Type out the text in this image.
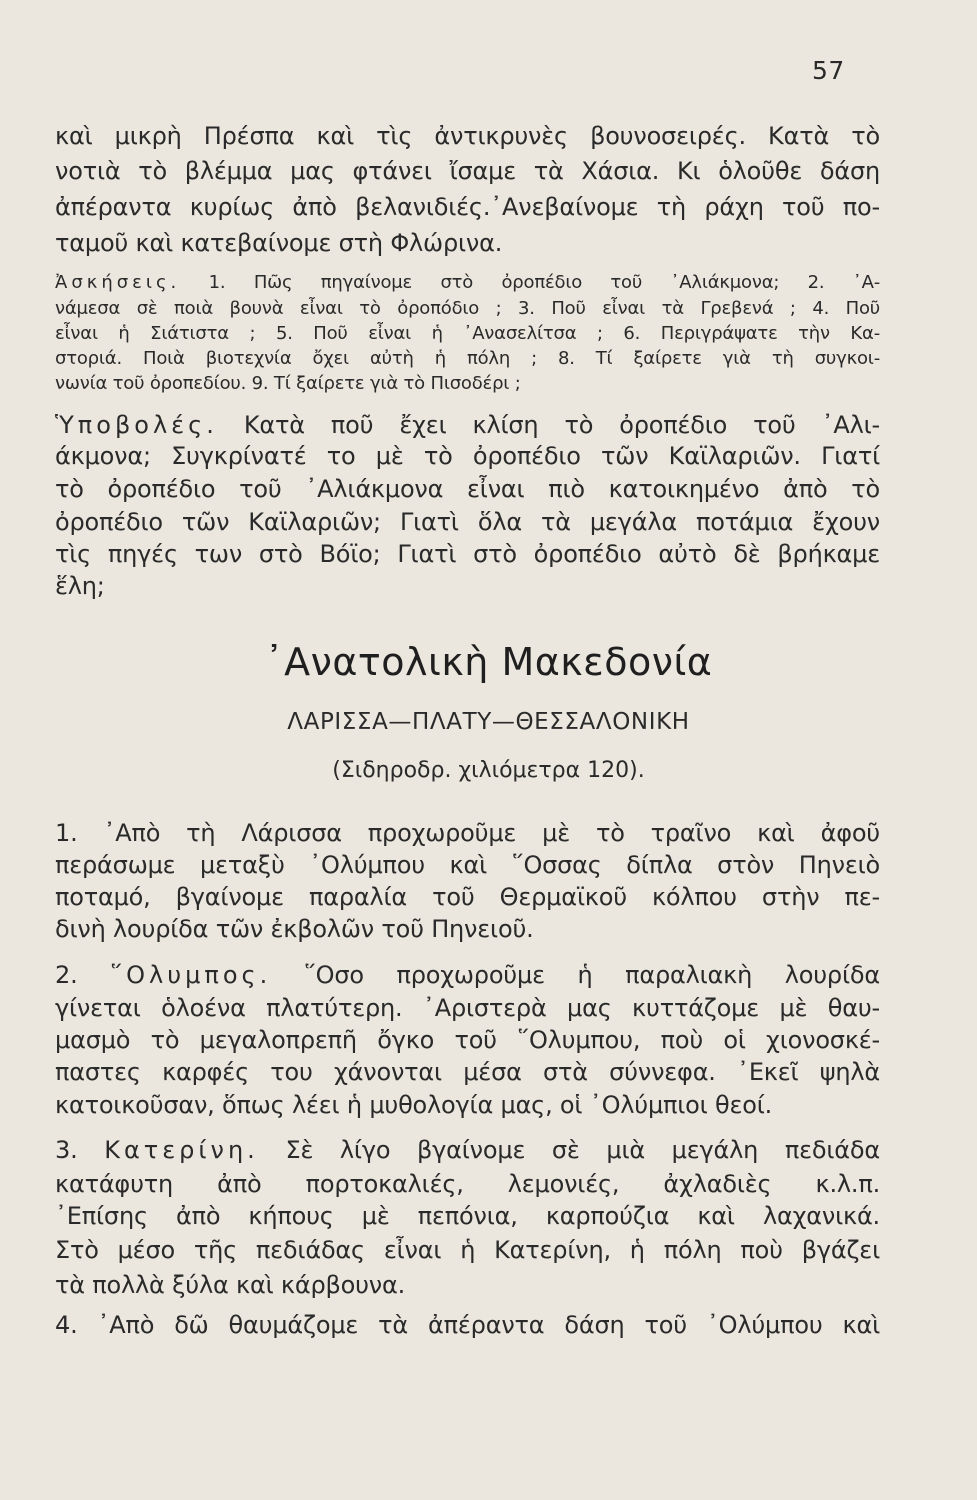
57
καὶ μικρὴ Πρέσπα καὶ τὶς ἀντικρυνὲς βουνοσειρές. Κατὰ τὸ
νοτιὰ τὸ βλέμμα μας φτάνει ἴσαμε τὰ Χάσια. Κι ὁλοῦθε δάση
ἀπέραντα κυρίως ἀπὸ βελανιδιές.᾽Ανεβαίνομε τὴ ράχη τοῦ πο-
ταμοῦ καὶ κατεβαίνομε στὴ Φλώρινα.
Ἀσκήσεις. 1. Πῶς πηγαίνομε στὸ ὀροπέδιο τοῦ ᾽Αλιάκμονα; 2. ᾽Α-
νάμεσα σὲ ποιὰ βουνὰ εἶναι τὸ ὀροπόδιο ; 3. Ποῦ εἶναι τὰ Γρεβενά ; 4. Ποῦ
εἶναι ἡ Σιάτιστα ; 5. Ποῦ εἶναι ἡ ᾽Ανασελίτσα ; 6. Περιγράψατε τὴν Κα-
στοριά. Ποιὰ βιοτεχνία ὄχει αὐτὴ ἡ πόλη ; 8. Τί ξαίρετε γιὰ τὴ συγκοι-
νωνία τοῦ ὀροπεδίου. 9. Τί ξαίρετε γιὰ τὸ Πισοδέρι ;
Ὑποβολές. Κατὰ ποῦ ἔχει κλίση τὸ ὀροπέδιο τοῦ ᾽Αλι-
άκμονα; Συγκρίνατέ το μὲ τὸ ὀροπέδιο τῶν Καϊλαριῶν. Γιατί
τὸ ὀροπέδιο τοῦ ᾽Αλιάκμονα εἶναι πιὸ κατοικημένο ἀπὸ τὸ
ὀροπέδιο τῶν Καϊλαριῶν; Γιατὶ ὅλα τὰ μεγάλα ποτάμια ἔχουν
τὶς πηγές των στὸ Βόϊο; Γιατὶ στὸ ὀροπέδιο αὐτὸ δὲ βρήκαμε
ἕλη;
᾽Ανατολικὴ Μακεδονία
ΛΑΡΙΣΣΑ—ΠΛΑΤΥ—ΘΕΣΣΑΛΟΝΙΚΗ
(Σιδηροδρ. χιλιόμετρα 120).
1. ᾽Απὸ τὴ Λάρισσα προχωροῦμε μὲ τὸ τραῖνο καὶ ἀφοῦ
περάσωμε μεταξὺ ᾽Ολύμπου καὶ ῞Οσσας δίπλα στὸν Πηνειὸ
ποταμό, βγαίνομε παραλία τοῦ Θερμαϊκοῦ κόλπου στὴν πε-
δινὴ λουρίδα τῶν ἐκβολῶν τοῦ Πηνειοῦ.
2. ῞Ολυμπος. ῞Οσο προχωροῦμε ἡ παραλιακὴ λουρίδα
γίνεται ὁλοένα πλατύτερη. ᾽Αριστερὰ μας κυττάζομε μὲ θαυ-
μασμὸ τὸ μεγαλοπρεπῆ ὄγκο τοῦ ῞Ολυμπου, ποὺ οἱ χιονοσκέ-
παστες καρφές του χάνονται μέσα στὰ σύννεφα. ᾽Εκεῖ ψηλὰ
κατοικοῦσαν, ὅπως λέει ἡ μυθολογία μας, οἱ ᾽Ολύμπιοι θεοί.
3. Κατερίνη. Σὲ λίγο βγαίνομε σὲ μιὰ μεγάλη πεδιάδα
κατάφυτη ἀπὸ πορτοκαλιές, λεμονιές, ἀχλαδιὲς κ.λ.π.
᾽Επίσης ἀπὸ κήπους μὲ πεπόνια, καρπούζια καὶ λαχανικά.
Στὸ μέσο τῆς πεδιάδας εἶναι ἡ Κατερίνη, ἡ πόλη ποὺ βγάζει
τὰ πολλὰ ξύλα καὶ κάρβουνα.
4. ᾽Απὸ δῶ θαυμάζομε τὰ ἀπέραντα δάση τοῦ ᾽Ολύμπου καὶ
